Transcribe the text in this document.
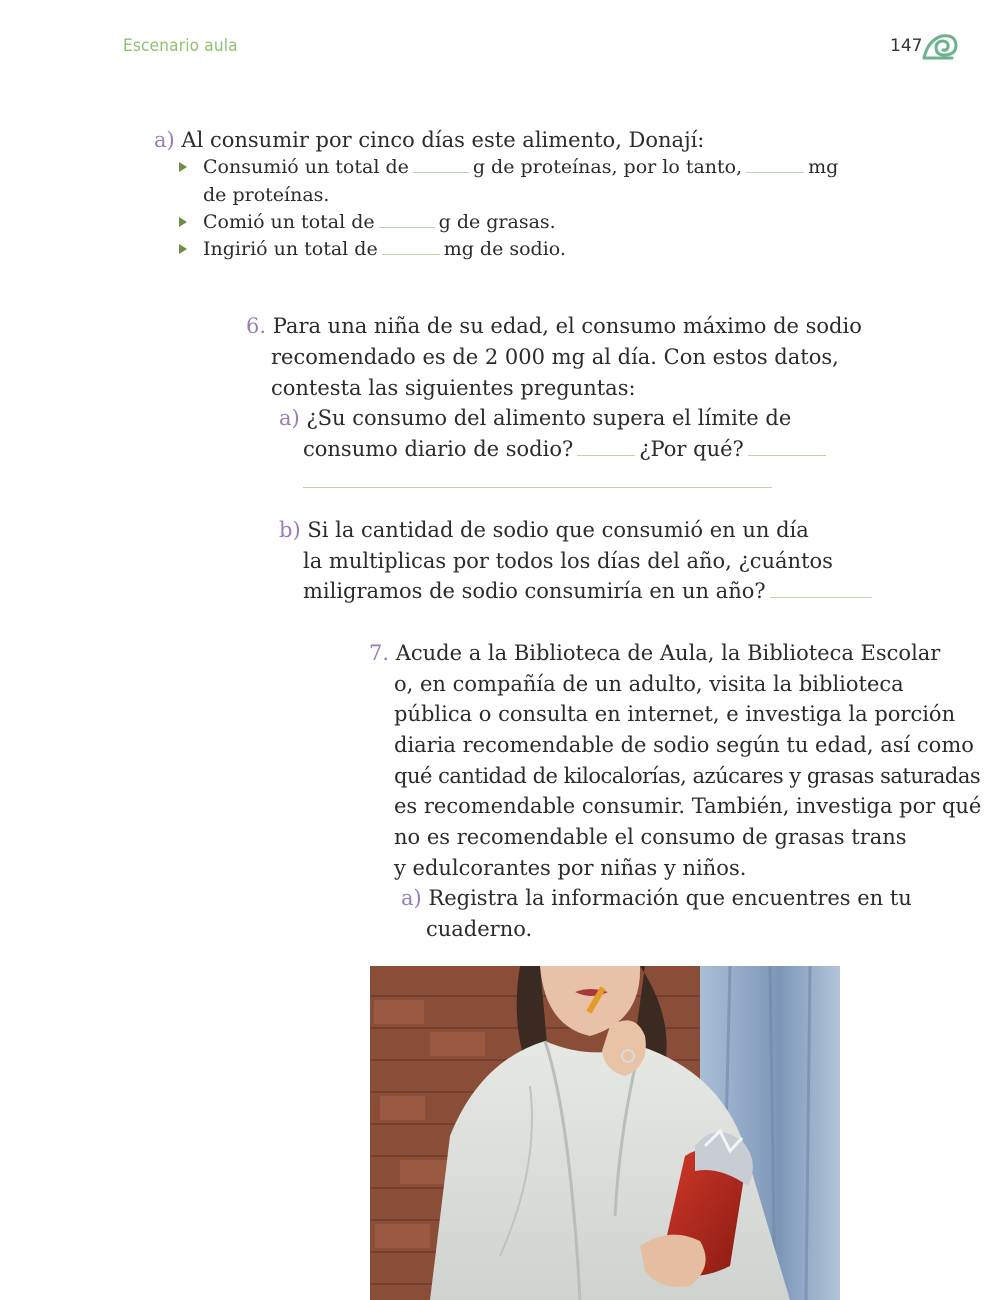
Escenario aula	147
a) Al consumir por cinco días este alimento, Donají:
Consumió un total de	g de proteínas, por lo tanto,	mg
de proteínas.
Comió un total de	g de grasas.
Ingirió un total de	mg de sodio.
6. Para una niña de su edad, el consumo máximo de sodio
recomendado es de 2 000 mg al día. Con estos datos,
contesta las siguientes preguntas:
a) ¿Su consumo del alimento supera el límite de
consumo diario de sodio?	¿Por qué?
b) Si la cantidad de sodio que consumió en un día
la multiplicas por todos los días del año, ¿cuántos
miligramos de sodio consumiría en un año?
7. Acude a la Biblioteca de Aula, la Biblioteca Escolar
o, en compañía de un adulto, visita la biblioteca
pública o consulta en internet, e investiga la porción
diaria recomendable de sodio según tu edad, así como
qué cantidad de kilocalorías, azúcares y grasas saturadas
es recomendable consumir. También, investiga por qué
no es recomendable el consumo de grasas trans
y edulcorantes por niñas y niños.
a) Registra la información que encuentres en tu
cuaderno.
